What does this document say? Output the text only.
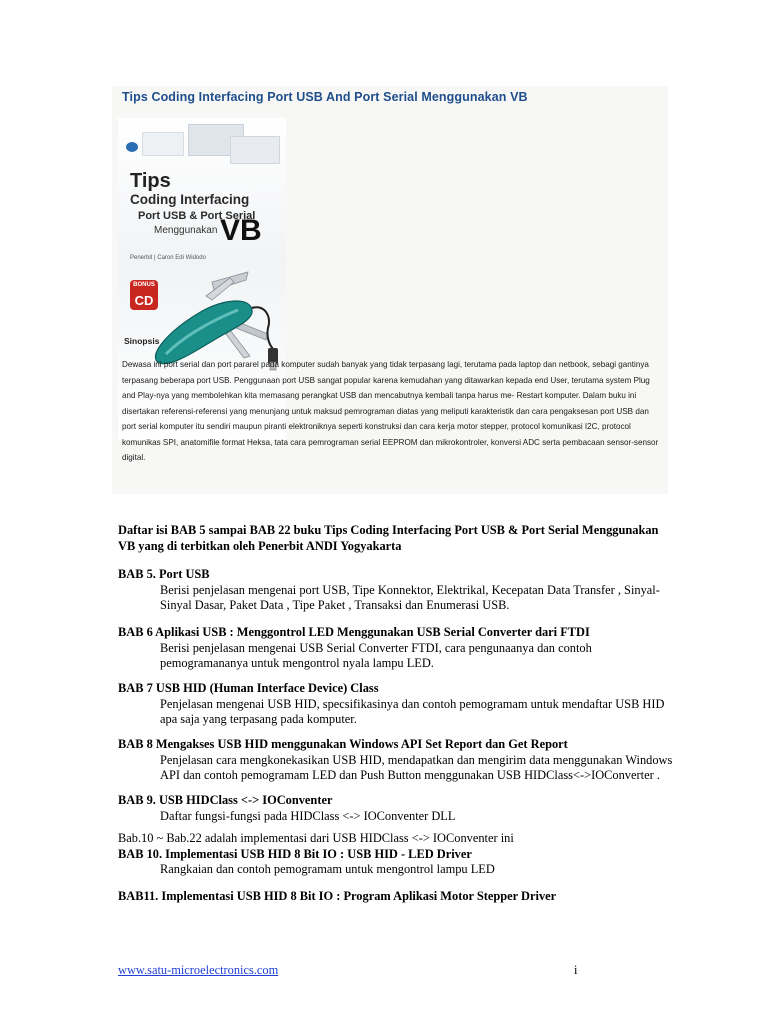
Tips Coding Interfacing Port USB And Port Serial Menggunakan VB
Tips
Coding Interfacing
Port USB & Port Serial
Menggunakan VB
Penerbit | Caron Edi Widodo
BONUS
CD
Sinopsis

Dewasa ini port serial dan port pararel pada komputer sudah banyak yang tidak terpasang lagi, terutama pada laptop dan netbook, sebagi gantinya terpasang beberapa port USB. Penggunaan port USB sangat popular karena kemudahan yang ditawarkan kepada end User, terutama system Plug and Play-nya yang membolehkan kita memasang perangkat USB dan mencabutnya kembali tanpa harus me- Restart komputer. Dalam buku ini disertakan referensi-referensi yang menunjang untuk maksud pemrograman diatas yang meliputi karakteristik dan cara pengaksesan port USB dan port serial komputer itu sendiri maupun piranti elektroniknya seperti konstruksi dan cara kerja motor stepper, protocol komunikasi I2C, protocol komunikas SPI, anatomifile format Heksa, tata cara pemrograman serial EEPROM dan mikrokontroler, konversi ADC serta pembacaan sensor-sensor digital.

Daftar isi BAB 5 sampai BAB 22 buku Tips Coding Interfacing Port USB & Port Serial Menggunakan VB yang di terbitkan oleh Penerbit ANDI Yogyakarta
BAB 5. Port USB
Berisi penjelasan mengenai port USB, Tipe Konnektor, Elektrikal, Kecepatan Data Transfer , Sinyal-Sinyal Dasar, Paket Data , Tipe Paket , Transaksi dan Enumerasi USB.
BAB 6 Aplikasi USB : Menggontrol LED Menggunakan USB Serial Converter dari FTDI
Berisi penjelasan mengenai USB Serial Converter FTDI, cara pengunaanya dan contoh pemogramananya untuk mengontrol nyala lampu LED.
BAB 7 USB HID (Human Interface Device) Class
Penjelasan mengenai USB HID, specsifikasinya dan contoh pemogramam untuk mendaftar USB HID apa saja yang terpasang pada komputer.
BAB 8 Mengakses USB HID menggunakan Windows API Set Report dan Get Report
Penjelasan cara mengkonekasikan USB HID, mendapatkan dan mengirim data menggunakan Windows API dan contoh pemogramam LED dan Push Button menggunakan USB HIDClass<->IOConverter .
BAB 9. USB HIDClass <-> IOConventer
Daftar fungsi-fungsi pada HIDClass <-> IOConventer DLL
Bab.10 ~ Bab.22 adalah implementasi dari USB HIDClass <-> IOConventer ini
BAB 10. Implementasi USB HID 8 Bit IO : USB HID - LED Driver
Rangkaian dan contoh pemogramam untuk mengontrol lampu LED
BAB11. Implementasi USB HID 8 Bit IO : Program Aplikasi Motor Stepper Driver
www.satu-microelectronics.com	i
